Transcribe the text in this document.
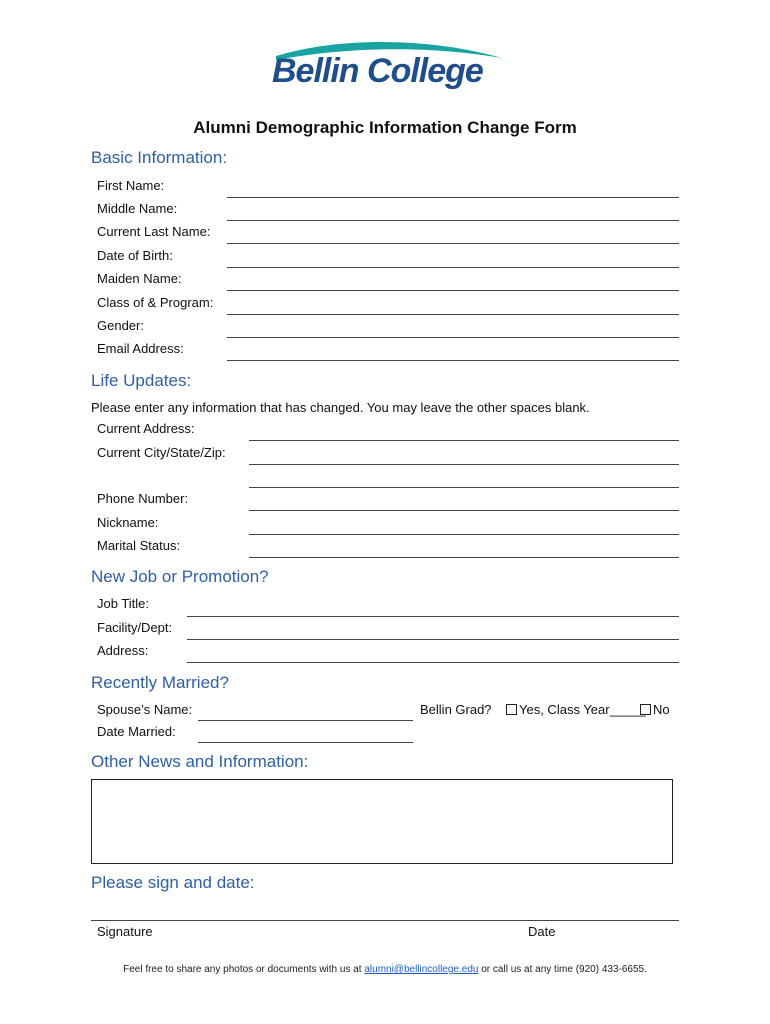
Bellin College
Alumni Demographic Information Change Form
Basic Information:
First Name:
Middle Name:
Current Last Name:
Date of Birth:
Maiden Name:
Class of & Program:
Gender:
Email Address:
Life Updates:
Please enter any information that has changed. You may leave the other spaces blank.
Current Address:
Current City/State/Zip:
Phone Number:
Nickname:
Marital Status:
New Job or Promotion?
Job Title:
Facility/Dept:
Address:
Recently Married?
Spouse’s Name:	Bellin Grad?	Yes, Class Year_____ No
Date Married:
Other News and Information:
Please sign and date:
Signature	Date
Feel free to share any photos or documents with us at alumni@bellincollege.edu or call us at any time (920) 433-6655.
